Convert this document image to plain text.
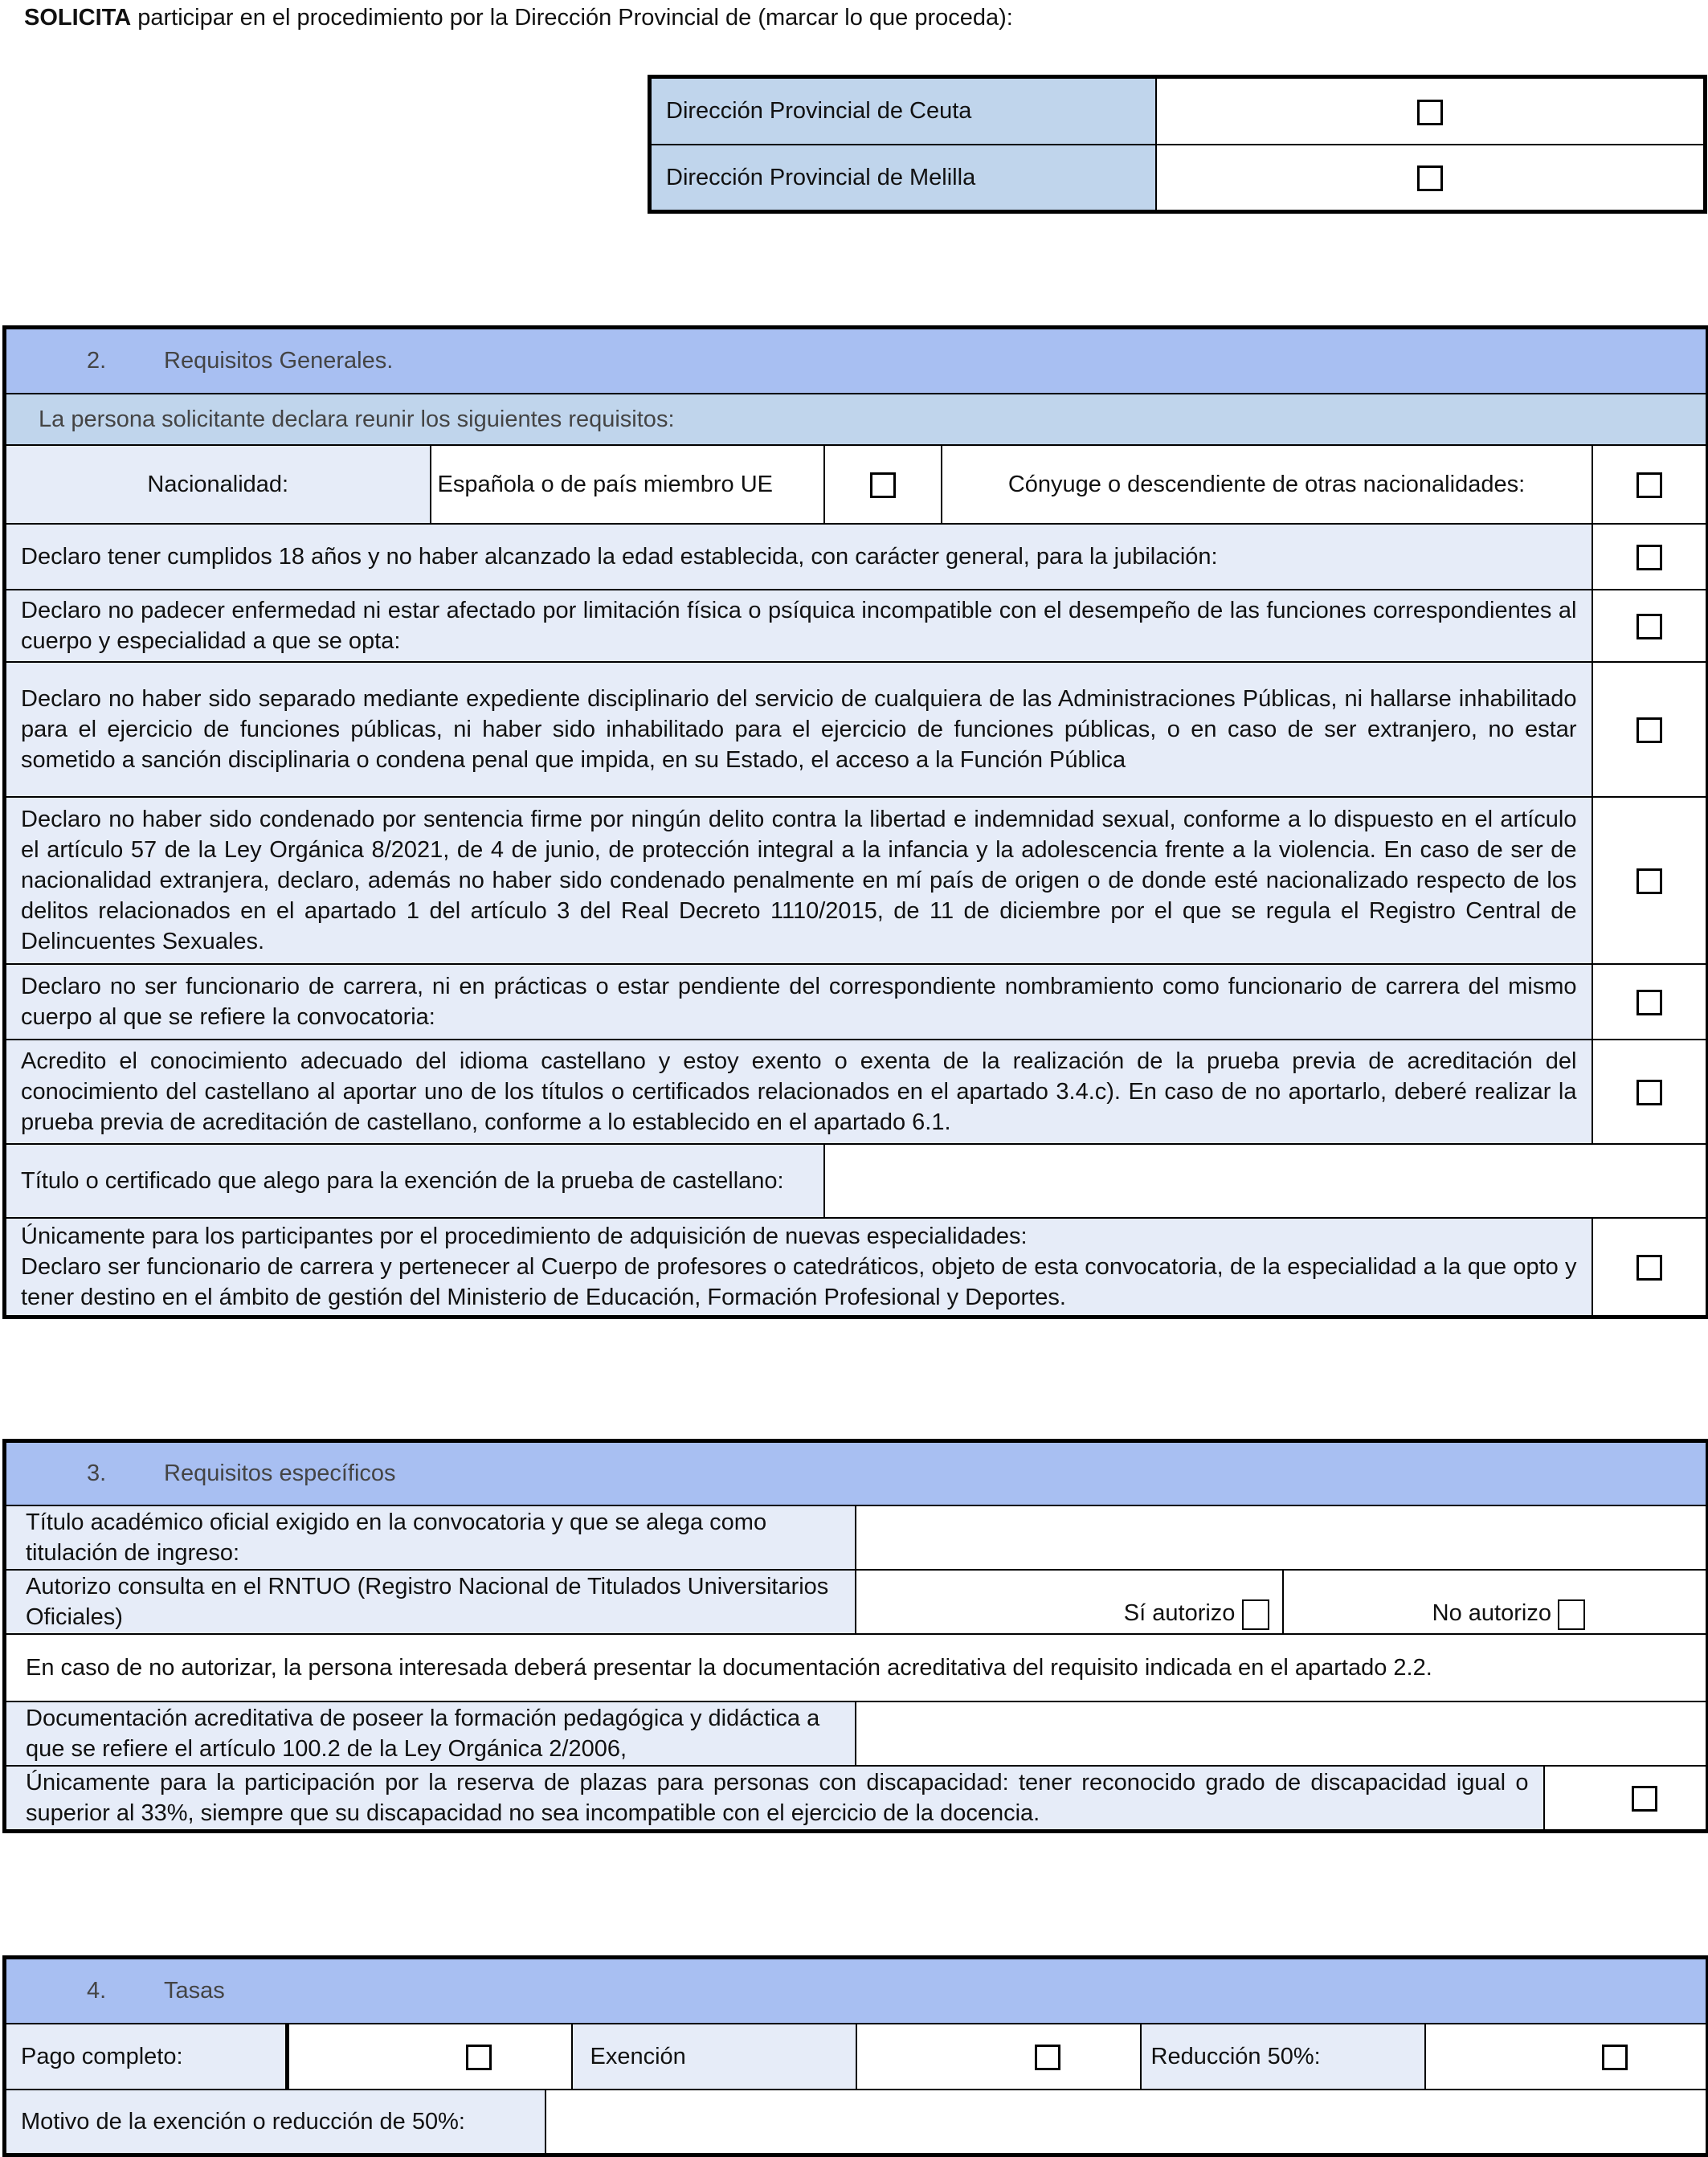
SOLICITA participar en el procedimiento por la Dirección Provincial de (marcar lo que proceda):
Dirección Provincial de Ceuta	
Dirección Provincial de Melilla	
2. Requisitos Generales.				
La persona solicitante declara reunir los siguientes requisitos:				
Nacionalidad:	Española o de país miembro UE		Cónyuge o descendiente de otras nacionalidades:	
Declaro tener cumplidos 18 años y no haber alcanzado la edad establecida, con carácter general, para la jubilación:				
Declaro no padecer enfermedad ni estar afectado por limitación física o psíquica incompatible con el desempeño de las funciones correspondientes al cuerpo y especialidad a que se opta:				
Declaro no haber sido separado mediante expediente disciplinario del servicio de cualquiera de las Administraciones Públicas, ni hallarse inhabilitado para el ejercicio de funciones públicas, ni haber sido inhabilitado para el ejercicio de funciones públicas, o en caso de ser extranjero, no estar sometido a sanción disciplinaria o condena penal que impida, en su Estado, el acceso a la Función Pública				
Declaro no haber sido condenado por sentencia firme por ningún delito contra la libertad e indemnidad sexual, conforme a lo dispuesto en el artículo el artículo 57 de la Ley Orgánica 8/2021, de 4 de junio, de protección integral a la infancia y la adolescencia frente a la violencia. En caso de ser de nacionalidad extranjera, declaro, además no haber sido condenado penalmente en mí país de origen o de donde esté nacionalizado respecto de los delitos relacionados en el apartado 1 del artículo 3 del Real Decreto 1110/2015, de 11 de diciembre por el que se regula el Registro Central de Delincuentes Sexuales.				
Declaro no ser funcionario de carrera, ni en prácticas o estar pendiente del correspondiente nombramiento como funcionario de carrera del mismo cuerpo al que se refiere la convocatoria:				
Acredito el conocimiento adecuado del idioma castellano y estoy exento o exenta de la realización de la prueba previa de acreditación del conocimiento del castellano al aportar uno de los títulos o certificados relacionados en el apartado 3.4.c). En caso de no aportarlo, deberé realizar la prueba previa de acreditación de castellano, conforme a lo establecido en el apartado 6.1.				
Título o certificado que alego para la exención de la prueba de castellano:				

Únicamente para los participantes por el procedimiento de adquisición de nuevas especialidades:
Declaro ser funcionario de carrera y pertenecer al Cuerpo de profesores o catedráticos, objeto de esta convocatoria, de la especialidad a la que opto y tener destino en el ámbito de gestión del Ministerio de Educación, Formación Profesional y Deportes.				

3. Requisitos específicos			
Título académico oficial exigido en la convocatoria y que se alega como titulación de ingreso:			
Autorizo consulta en el RNTUO (Registro Nacional de Titulados Universitarios Oficiales)	Sí autorizo	No autorizo	
En caso de no autorizar, la persona interesada deberá presentar la documentación acreditativa del requisito indicada en el apartado 2.2.			
Documentación acreditativa de poseer la formación pedagógica y didáctica a que se refiere el artículo 100.2 de la Ley Orgánica 2/2006,			
Únicamente para la participación por la reserva de plazas para personas con discapacidad: tener reconocido grado de discapacidad igual o superior al 33%, siempre que su discapacidad no sea incompatible con el ejercicio de la docencia.			
4. Tasas
Pago completo:		Exención		Reducción 50%:	

Motivo de la exención o reducción de 50%:
